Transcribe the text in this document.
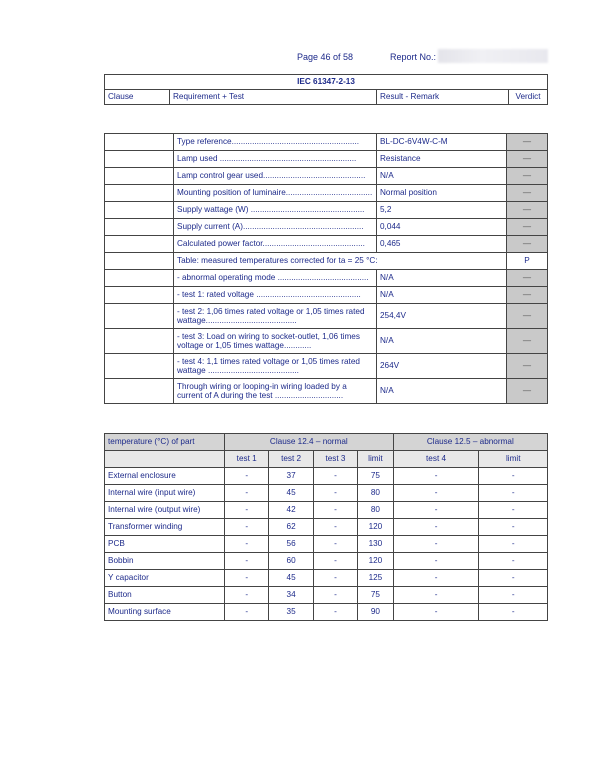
Page 46 of 58	Report No.:
IEC 61347-2-13
Clause	Requirement + Test	Result - Remark	Verdict
	Type reference........................................................	BL-DC-6V4W-C-M	—
	Lamp used ............................................................	Resistance	—
	Lamp control gear used.............................................	N/A	—
	Mounting position of luminaire......................................	Normal position	—
	Supply wattage (W) ..................................................	5,2	—
	Supply current (A).....................................................	0,044	—
	Calculated power factor.............................................	0,465	—
	Table: measured temperatures corrected for ta = 25 °C:		P
	- abnormal operating mode ........................................	N/A	—
	- test 1: rated voltage ..............................................	N/A	—
	- test 2: 1,06 times rated voltage or 1,05 times rated wattage........................................	254,4V	—
	- test 3: Load on wiring to socket-outlet, 1,06 times voltage or 1,05 times wattage............	N/A	—
	- test 4: 1,1 times rated voltage or 1,05 times rated wattage ........................................	264V	—
	Through wiring or looping-in wiring loaded by a current of A during the test ..............................	N/A	—
temperature (°C) of part	Clause 12.4 – normal				Clause 12.5 – abnormal	
	test 1	test 2	test 3	limit	test 4	limit
External enclosure	-	37	-	75	-	-
Internal wire (input wire)	-	45	-	80	-	-
Internal wire (output wire)	-	42	-	80	-	-
Transformer winding	-	62	-	120	-	-
PCB	-	56	-	130	-	-
Bobbin	-	60	-	120	-	-
Y capacitor	-	45	-	125	-	-
Button	-	34	-	75	-	-
Mounting surface	-	35	-	90	-	-
